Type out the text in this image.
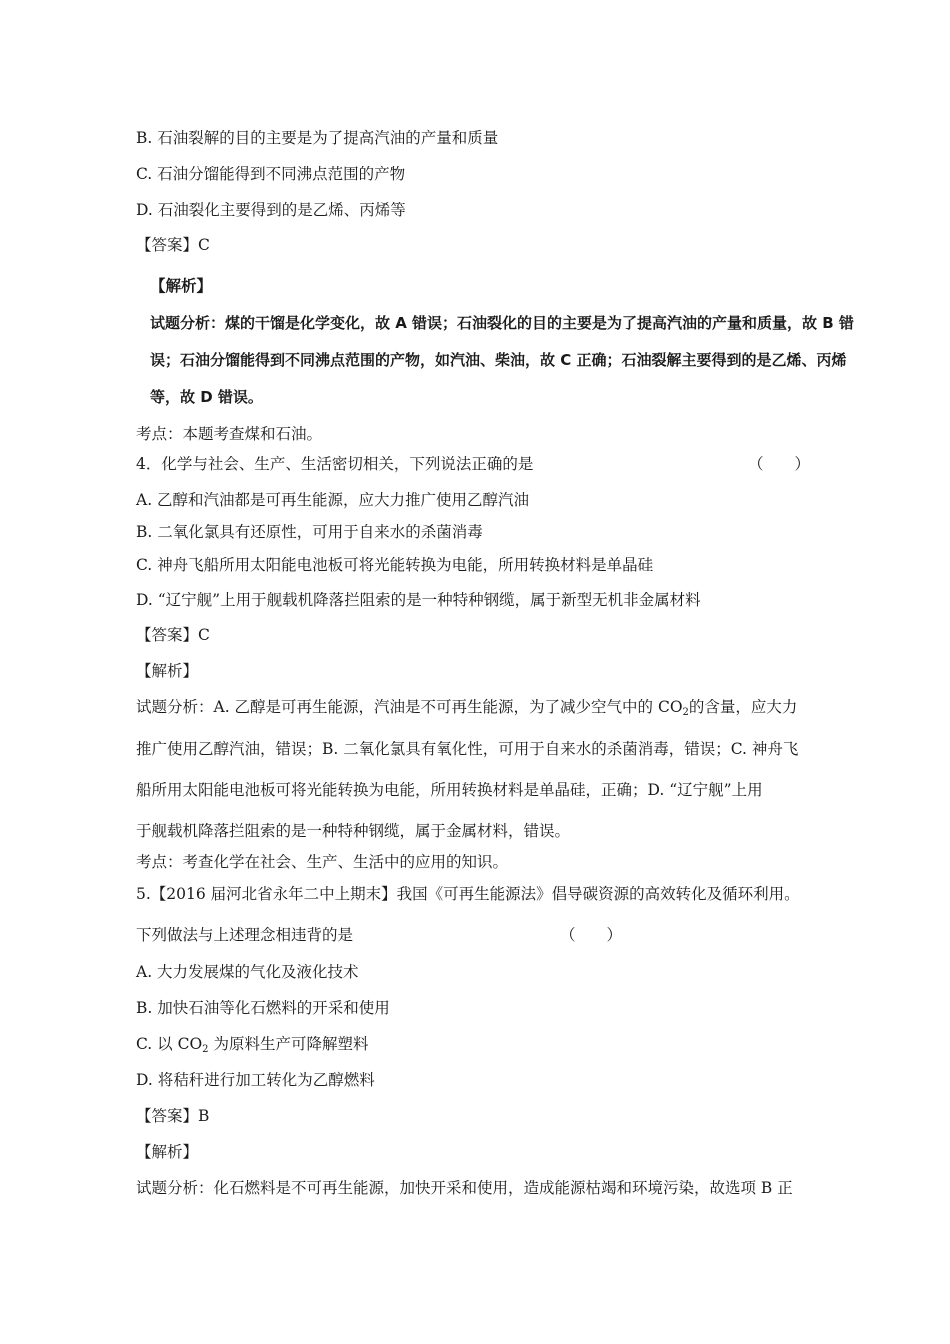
B. 石油裂解的目的主要是为了提高汽油的产量和质量
C. 石油分馏能得到不同沸点范围的产物
D. 石油裂化主要得到的是乙烯、丙烯等
【答案】C
【解析】
试题分析：煤的干馏是化学变化，故 A 错误；石油裂化的目的主要是为了提高汽油的产量和质量，故 B 错
误；石油分馏能得到不同沸点范围的产物，如汽油、柴油，故 C 正确；石油裂解主要得到的是乙烯、丙烯
等，故 D 错误。
考点：本题考查煤和石油。
4．化学与社会、生产、生活密切相关，下列说法正确的是	（　　）
A. 乙醇和汽油都是可再生能源，应大力推广使用乙醇汽油
B. 二氧化氯具有还原性，可用于自来水的杀菌消毒
C. 神舟飞船所用太阳能电池板可将光能转换为电能，所用转换材料是单晶硅
D. “辽宁舰”上用于舰载机降落拦阻索的是一种特种钢缆，属于新型无机非金属材料
【答案】C
【解析】
试题分析：A. 乙醇是可再生能源，汽油是不可再生能源，为了减少空气中的 $CO_2$的含量，应大力
推广使用乙醇汽油，错误；B. 二氧化氯具有氧化性，可用于自来水的杀菌消毒，错误；C. 神舟飞
船所用太阳能电池板可将光能转换为电能，所用转换材料是单晶硅，正确；D. “辽宁舰”上用
于舰载机降落拦阻索的是一种特种钢缆，属于金属材料，错误。
考点：考查化学在社会、生产、生活中的应用的知识。
5.【2016 届河北省永年二中上期末】我国《可再生能源法》倡导碳资源的高效转化及循环利用。
下列做法与上述理念相违背的是	（　　）
A. 大力发展煤的气化及液化技术
B. 加快石油等化石燃料的开采和使用
C. 以 $CO_2$ 为原料生产可降解塑料
D. 将秸秆进行加工转化为乙醇燃料
【答案】B
【解析】
试题分析：化石燃料是不可再生能源，加快开采和使用，造成能源枯竭和环境污染，故选项 B 正
